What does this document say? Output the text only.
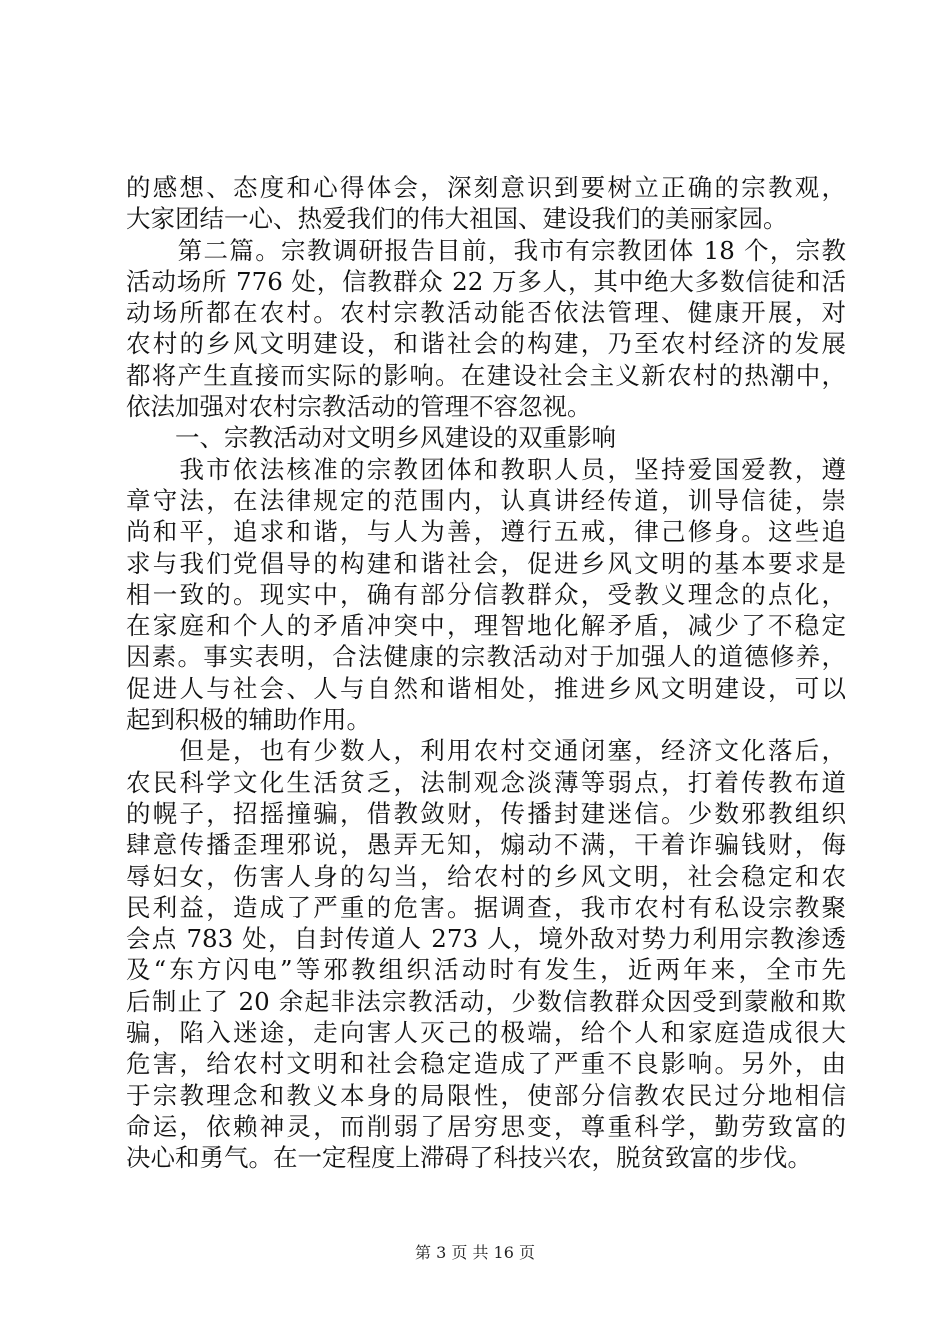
的感想、态度和心得体会，深刻意识到要树立正确的宗教观，
大家团结一心、热爱我们的伟大祖国、建设我们的美丽家园。
　　第二篇。宗教调研报告目前，我市有宗教团体 18 个，宗教
活动场所 776 处，信教群众 22 万多人，其中绝大多数信徒和活
动场所都在农村。农村宗教活动能否依法管理、健康开展，对
农村的乡风文明建设，和谐社会的构建，乃至农村经济的发展
都将产生直接而实际的影响。在建设社会主义新农村的热潮中，
依法加强对农村宗教活动的管理不容忽视。
　　一、宗教活动对文明乡风建设的双重影响
　　我市依法核准的宗教团体和教职人员，坚持爱国爱教，遵
章守法，在法律规定的范围内，认真讲经传道，训导信徒，崇
尚和平，追求和谐，与人为善，遵行五戒，律己修身。这些追
求与我们党倡导的构建和谐社会，促进乡风文明的基本要求是
相一致的。现实中，确有部分信教群众，受教义理念的点化，
在家庭和个人的矛盾冲突中，理智地化解矛盾，减少了不稳定
因素。事实表明，合法健康的宗教活动对于加强人的道德修养，
促进人与社会、人与自然和谐相处，推进乡风文明建设，可以
起到积极的辅助作用。
　　但是，也有少数人，利用农村交通闭塞，经济文化落后，
农民科学文化生活贫乏，法制观念淡薄等弱点，打着传教布道
的幌子，招摇撞骗，借教敛财，传播封建迷信。少数邪教组织
肆意传播歪理邪说，愚弄无知，煽动不满，干着诈骗钱财，侮
辱妇女，伤害人身的勾当，给农村的乡风文明，社会稳定和农
民利益，造成了严重的危害。据调查，我市农村有私设宗教聚
会点 783 处，自封传道人 273 人，境外敌对势力利用宗教渗透
及“东方闪电”等邪教组织活动时有发生，近两年来，全市先
后制止了 20 余起非法宗教活动，少数信教群众因受到蒙敝和欺
骗，陷入迷途，走向害人灭己的极端，给个人和家庭造成很大
危害，给农村文明和社会稳定造成了严重不良影响。另外，由
于宗教理念和教义本身的局限性，使部分信教农民过分地相信
命运，依赖神灵，而削弱了居穷思变，尊重科学，勤劳致富的
决心和勇气。在一定程度上滞碍了科技兴农，脱贫致富的步伐。
第 3 页 共 16 页
